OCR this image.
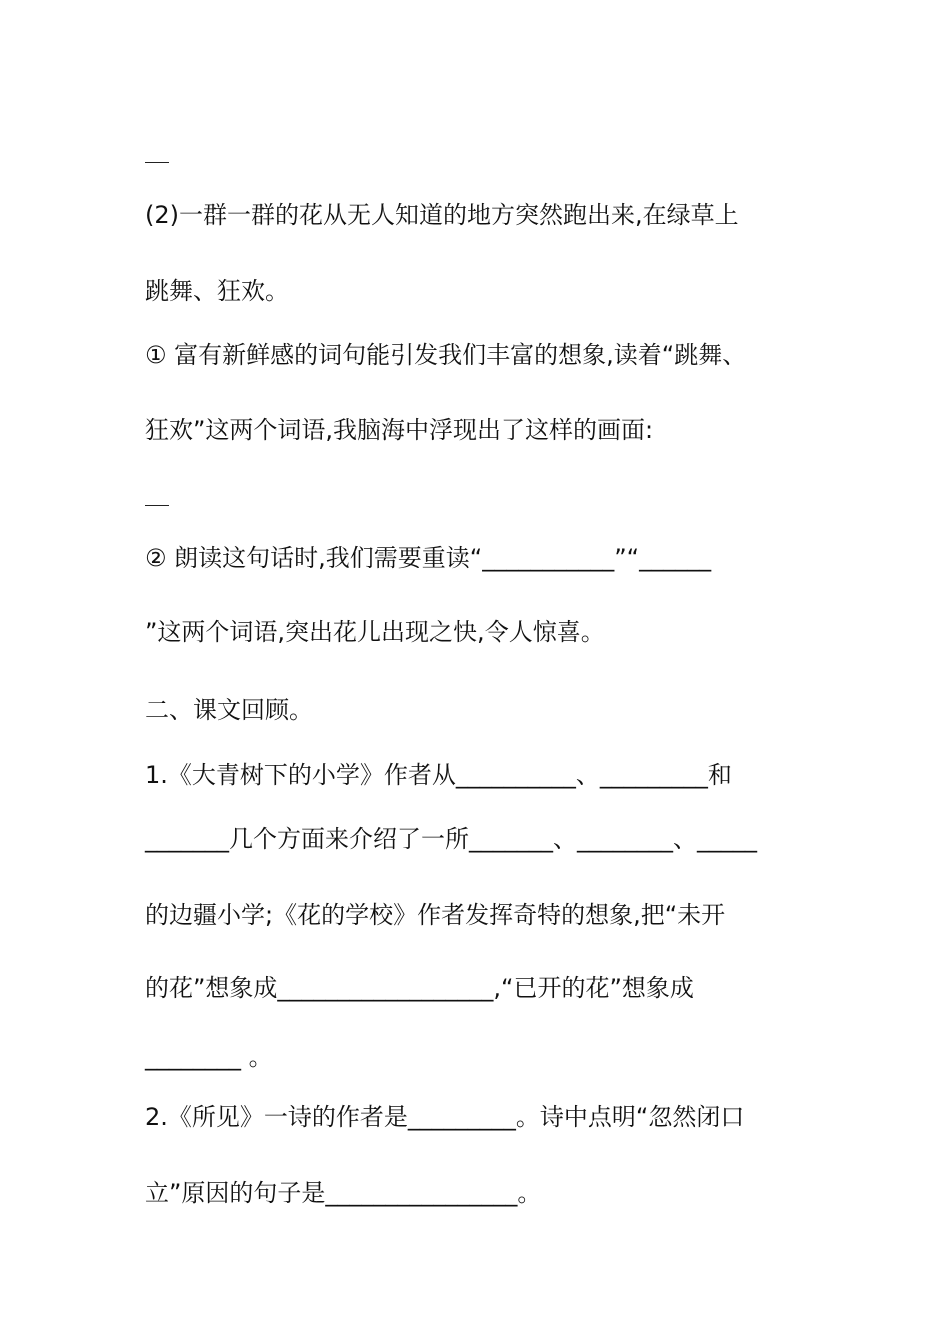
(2)一群一群的花从无人知道的地方突然跑出来,在绿草上
跳舞、狂欢。
① 富有新鲜感的词句能引发我们丰富的想象,读着“跳舞、
狂欢”这两个词语,我脑海中浮现出了这样的画面:
② 朗读这句话时,我们需要重读“___________”“______
”这两个词语,突出花儿出现之快,令人惊喜。
二、课文回顾。
1.《大青树下的小学》作者从__________、_________和
_______几个方面来介绍了一所_______、________、_____
的边疆小学;《花的学校》作者发挥奇特的想象,把“未开
的花”想象成__________________,“已开的花”想象成
________ 。
2.《所见》一诗的作者是_________。诗中点明“忽然闭口
立”原因的句子是________________。
